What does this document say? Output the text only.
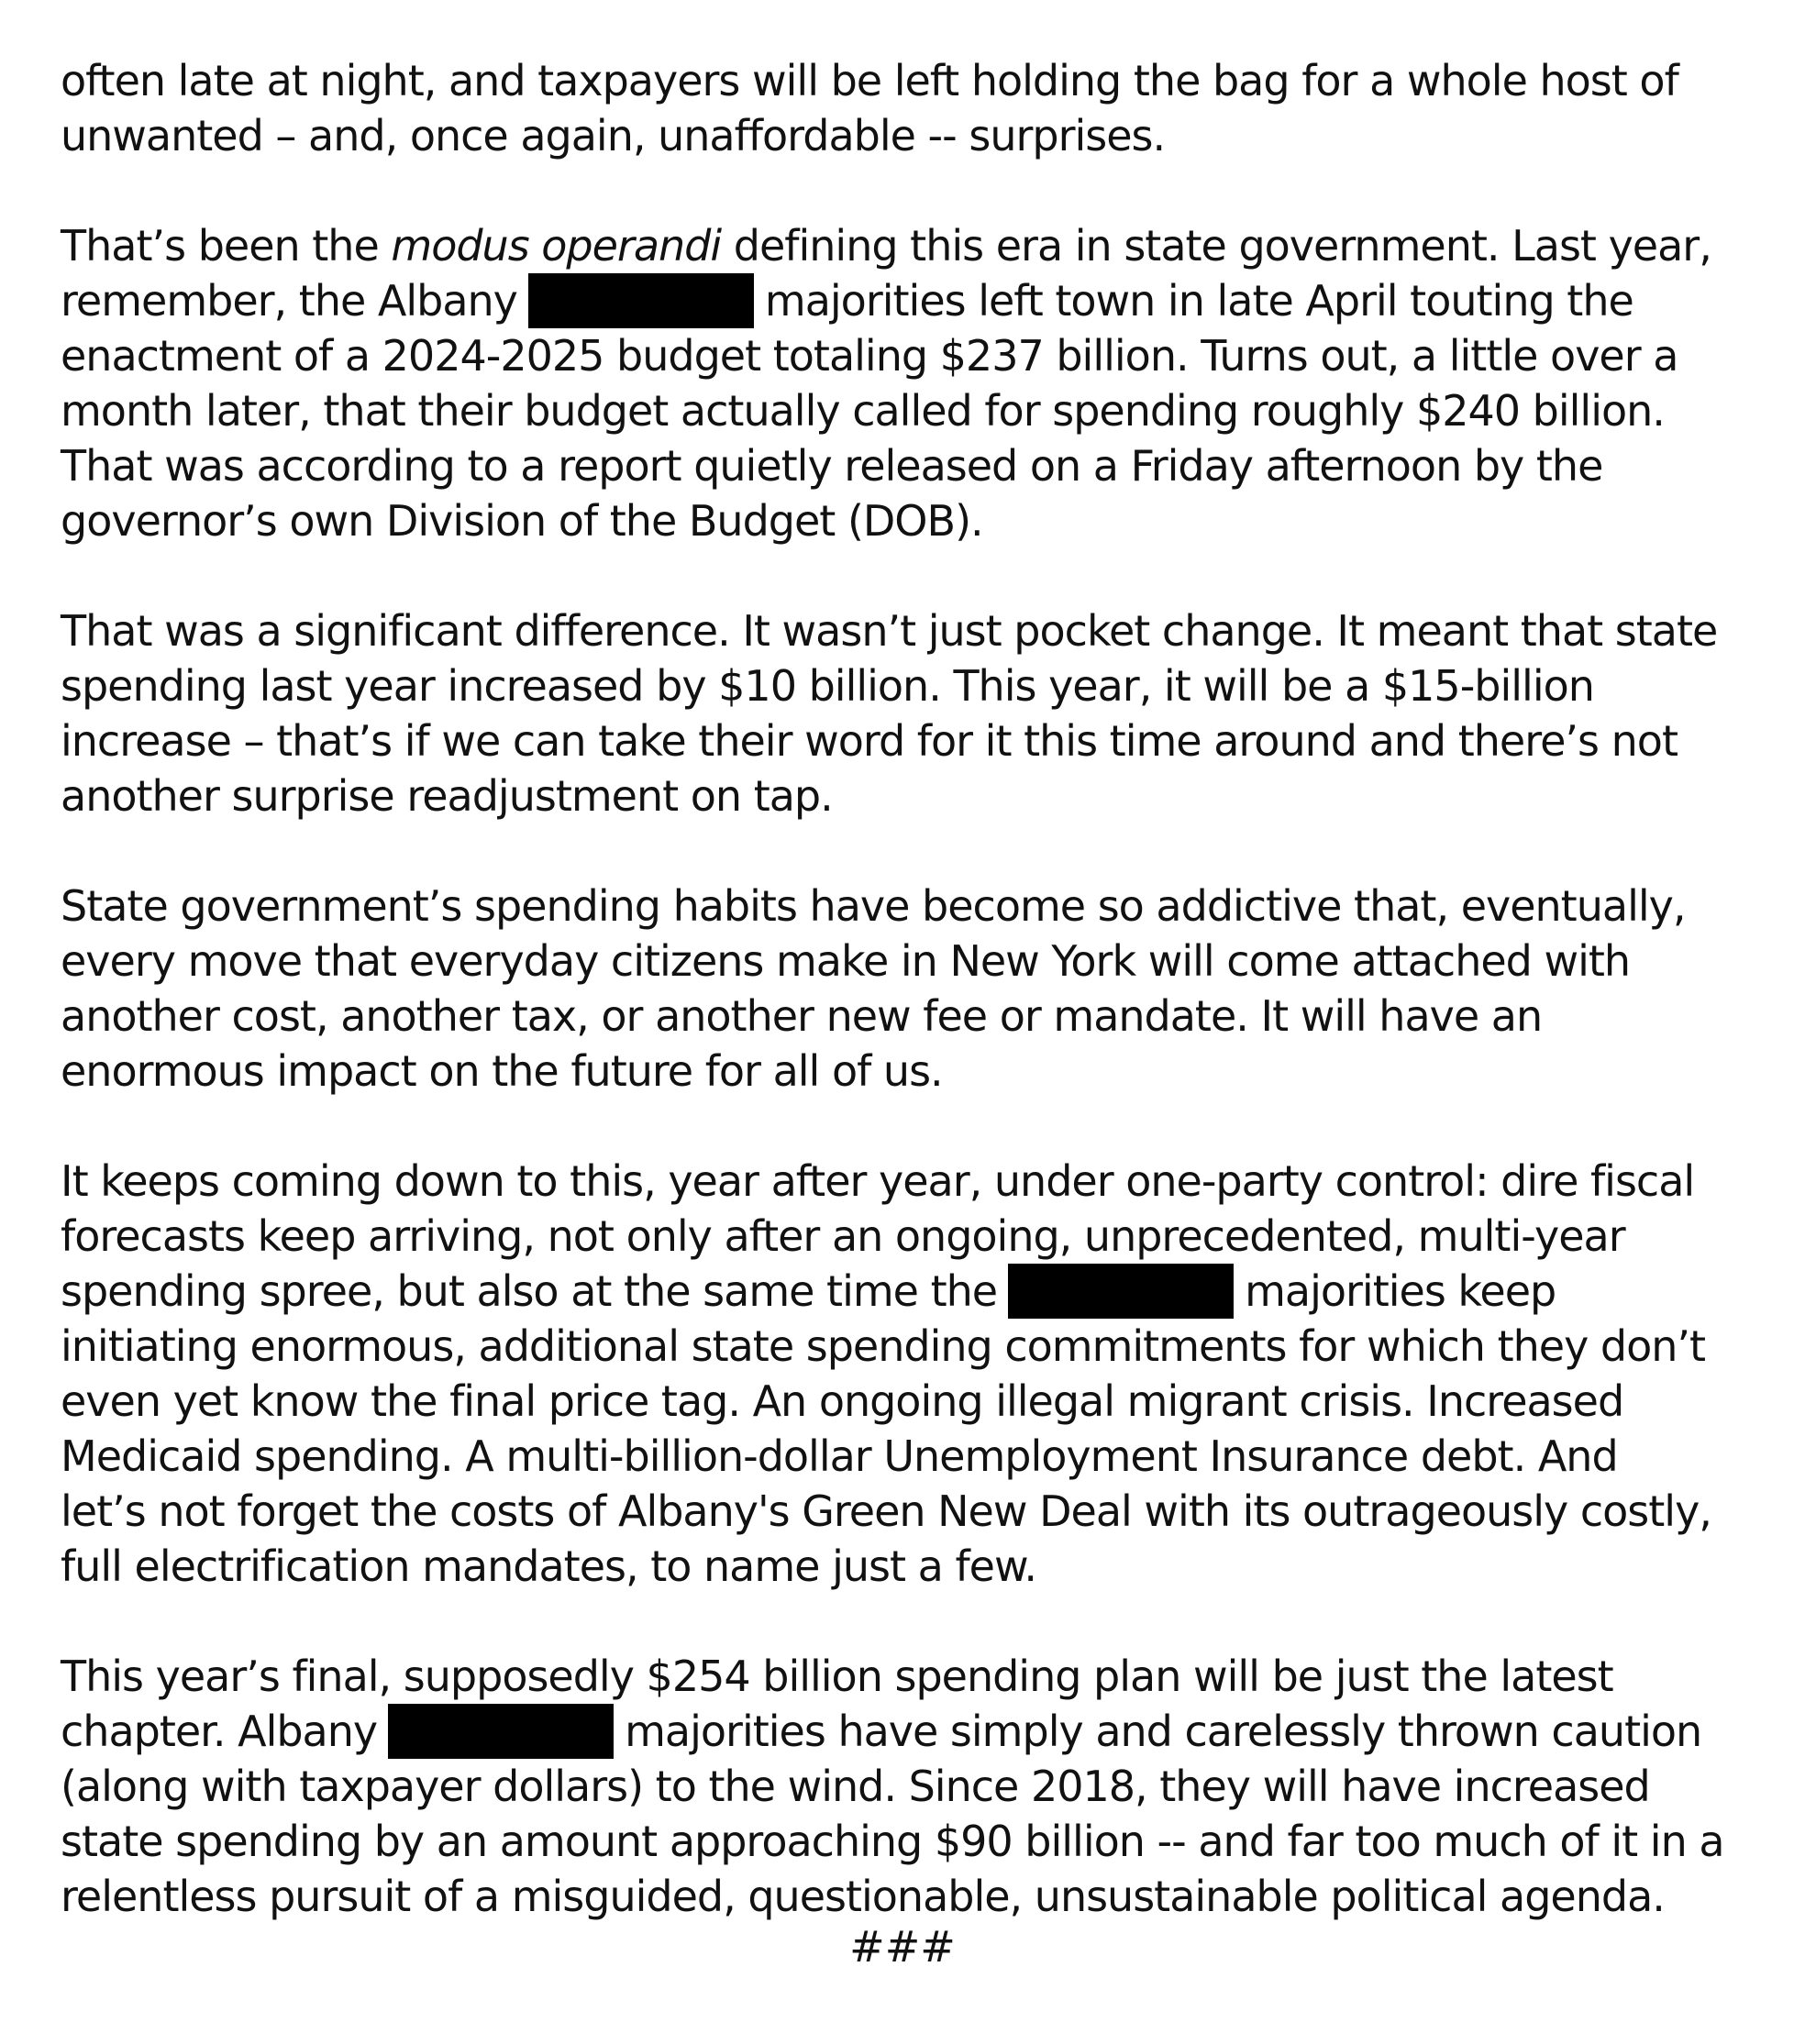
often late at night, and taxpayers will be left holding the bag for a whole host of
unwanted – and, once again, unaffordable -- surprises.

That’s been the modus operandi defining this era in state government. Last year,
remember, the Albany	majorities left town in late April touting the
enactment of a 2024-2025 budget totaling $237 billion. Turns out, a little over a
month later, that their budget actually called for spending roughly $240 billion.
That was according to a report quietly released on a Friday afternoon by the
governor’s own Division of the Budget (DOB).

That was a significant difference. It wasn’t just pocket change. It meant that state
spending last year increased by $10 billion. This year, it will be a $15-billion
increase – that’s if we can take their word for it this time around and there’s not
another surprise readjustment on tap.

State government’s spending habits have become so addictive that, eventually,
every move that everyday citizens make in New York will come attached with
another cost, another tax, or another new fee or mandate. It will have an
enormous impact on the future for all of us.

It keeps coming down to this, year after year, under one-party control: dire fiscal
forecasts keep arriving, not only after an ongoing, unprecedented, multi-year
spending spree, but also at the same time the	majorities keep
initiating enormous, additional state spending commitments for which they don’t
even yet know the final price tag. An ongoing illegal migrant crisis. Increased
Medicaid spending. A multi-billion-dollar Unemployment Insurance debt. And
let’s not forget the costs of Albany's Green New Deal with its outrageously costly,
full electrification mandates, to name just a few.

This year’s final, supposedly $254 billion spending plan will be just the latest
chapter. Albany	majorities have simply and carelessly thrown caution
(along with taxpayer dollars) to the wind. Since 2018, they will have increased
state spending by an amount approaching $90 billion -- and far too much of it in a
relentless pursuit of a misguided, questionable, unsustainable political agenda.

###
